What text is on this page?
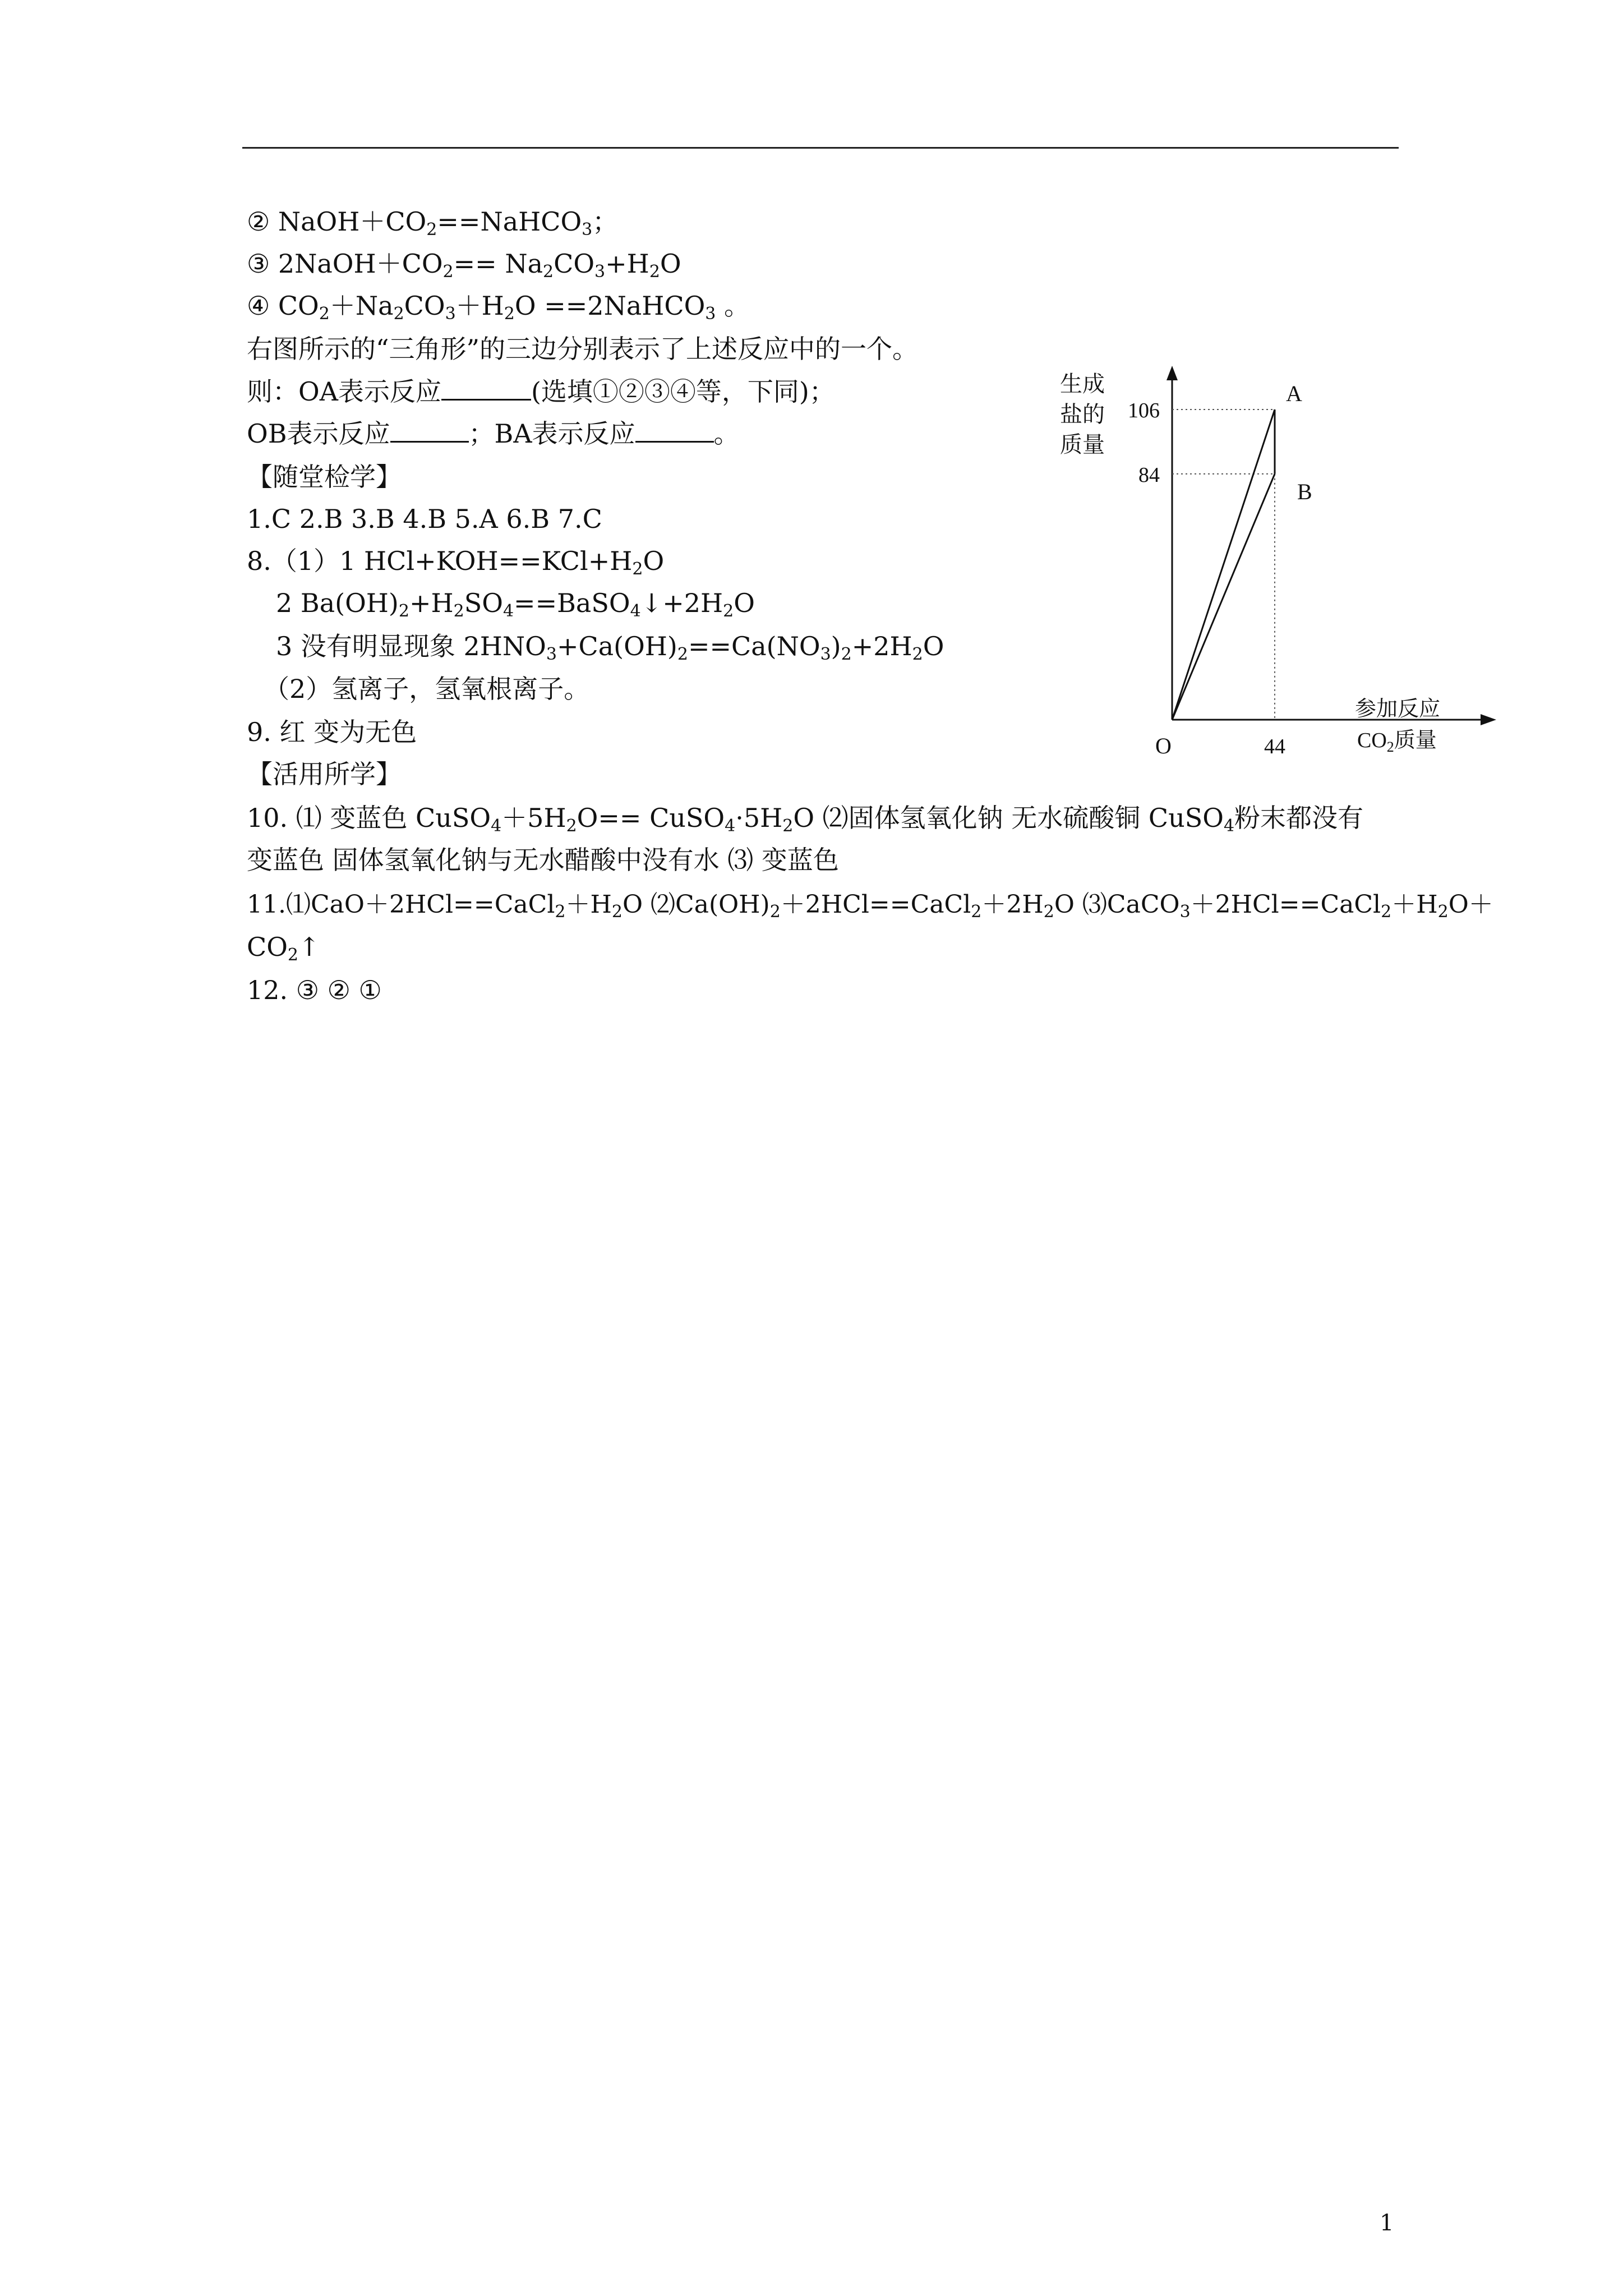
② $NaOH+CO_2==NaHCO_3$；
③ $2NaOH+CO_2== Na_2CO_3+H_2O$
④ $CO_2+Na_2CO_3+H_2O$ ==2NaHCO$_3$ 。
右图所示的“三角形”的三边分别表示了上述反应中的一个。
则：OA表示反应	(选填①②③④等，下同)；
OB表示反应	；BA表示反应	。
【随堂检学】
1.C 2.B 3.B 4.B 5.A 6.B 7.C
8.（1）1 $HCl+KOH==KCl+H_2O$
2 $Ba(OH)_2+H_2SO_4==BaSO_4↓+2H_2O$
3 没有明显现象 $2HNO_3+Ca(OH)_2==Ca(NO_3)_2+2H_2O$
（2）氢离子，氢氧根离子。
9. 红 变为无色
【活用所学】
10. ⑴ 变蓝色 $CuSO_4+5H_2O==$ $CuSO_4\cdot 5H_2O$ ⑵固体氢氧化钠 无水硫酸铜 CuSO$_4$粉末都没有
变蓝色 固体氢氧化钠与无水醋酸中没有水 ⑶ 变蓝色
$11.⑴CaO+2HCl==CaCl_2+H_2O$ $⑵Ca(OH)_2+2HCl==CaCl_2+2H_2O$ $⑶CaCO_3+2HCl==CaCl_2+H_2O+$
$CO_2↑$
12. ③ ② ①
生成
盐的
质量
106
84
44
O
A
B
参加反应
$CO_2$质量
1
